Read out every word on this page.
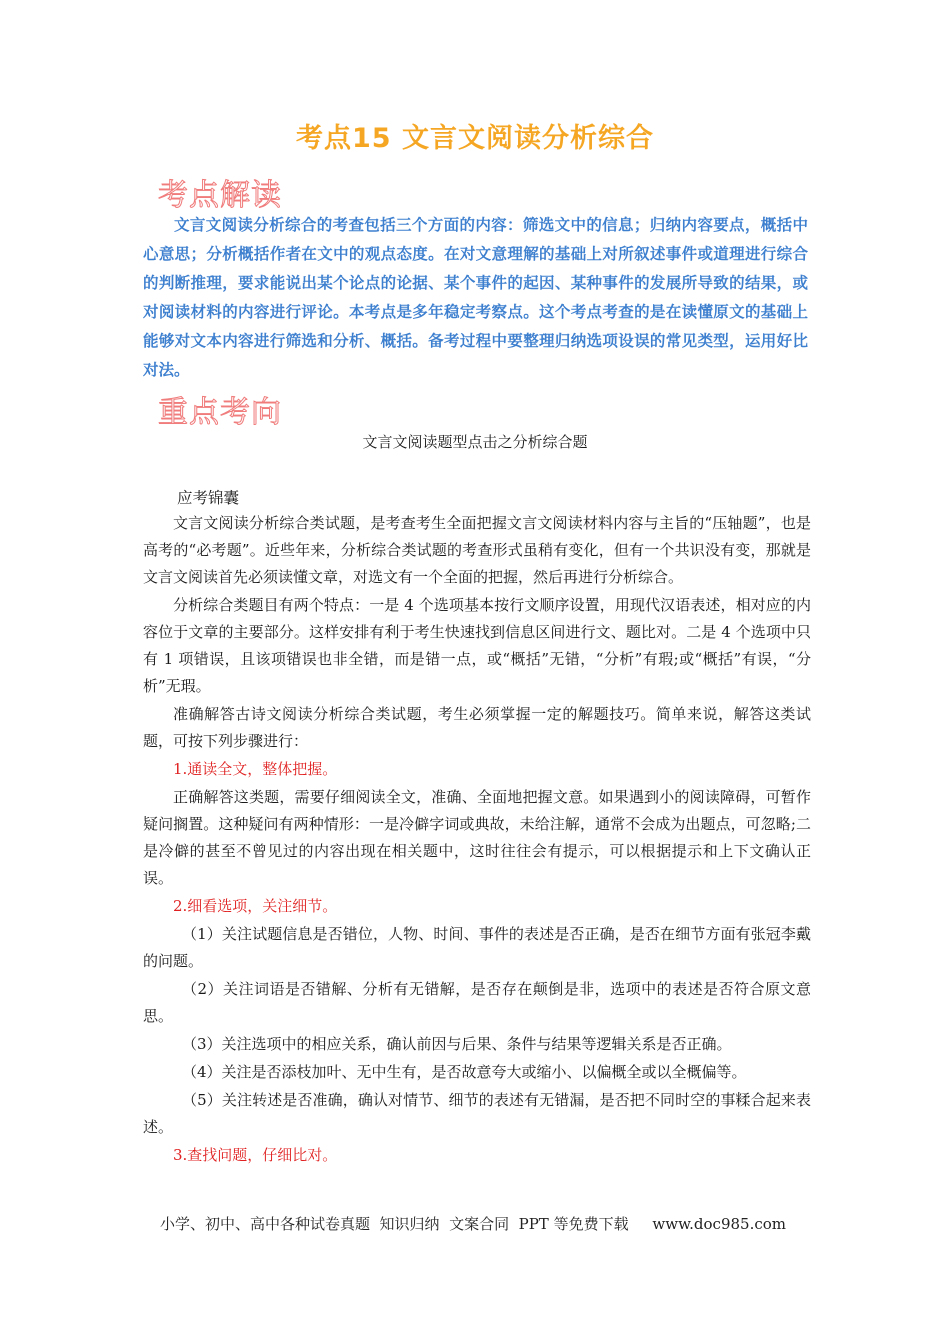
考点15 文言文阅读分析综合
考点解读
文言文阅读分析综合的考查包括三个方面的内容：筛选文中的信息；归纳内容要点，概括中心意思；分析概括作者在文中的观点态度。在对文意理解的基础上对所叙述事件或道理进行综合的判断推理，要求能说出某个论点的论据、某个事件的起因、某种事件的发展所导致的结果，或对阅读材料的内容进行评论。本考点是多年稳定考察点。这个考点考查的是在读懂原文的基础上能够对文本内容进行筛选和分析、概括。备考过程中要整理归纳选项设误的常见类型，运用好比对法。
重点考向
文言文阅读题型点击之分析综合题
应考锦囊

文言文阅读分析综合类试题，是考查考生全面把握文言文阅读材料内容与主旨的“压轴题”，也是高考的“必考题”。近些年来，分析综合类试题的考查形式虽稍有变化，但有一个共识没有变，那就是文言文阅读首先必须读懂文章，对选文有一个全面的把握，然后再进行分析综合。

分析综合类题目有两个特点：一是 4 个选项基本按行文顺序设置，用现代汉语表述，相对应的内容位于文章的主要部分。这样安排有利于考生快速找到信息区间进行文、题比对。二是 4 个选项中只有 1 项错误，且该项错误也非全错，而是错一点，或“概括”无错，“分析”有瑕;或“概括”有误，“分析”无瑕。

准确解答古诗文阅读分析综合类试题，考生必须掌握一定的解题技巧。简单来说，解答这类试题，可按下列步骤进行：

1.通读全文，整体把握。

正确解答这类题，需要仔细阅读全文，准确、全面地把握文意。如果遇到小的阅读障碍，可暂作疑问搁置。这种疑问有两种情形：一是冷僻字词或典故，未给注解，通常不会成为出题点，可忽略;二是冷僻的甚至不曾见过的内容出现在相关题中，这时往往会有提示，可以根据提示和上下文确认正误。

2.细看选项，关注细节。

（1）关注试题信息是否错位，人物、时间、事件的表述是否正确，是否在细节方面有张冠李戴的问题。

（2）关注词语是否错解、分析有无错解，是否存在颠倒是非，选项中的表述是否符合原文意思。

（3）关注选项中的相应关系，确认前因与后果、条件与结果等逻辑关系是否正确。

（4）关注是否添枝加叶、无中生有，是否故意夸大或缩小、以偏概全或以全概偏等。

（5）关注转述是否准确，确认对情节、细节的表述有无错漏，是否把不同时空的事糅合起来表述。

3.查找问题，仔细比对。

小学、初中、高中各种试卷真题  知识归纳  文案合同  PPT 等免费下载     www.doc985.com
